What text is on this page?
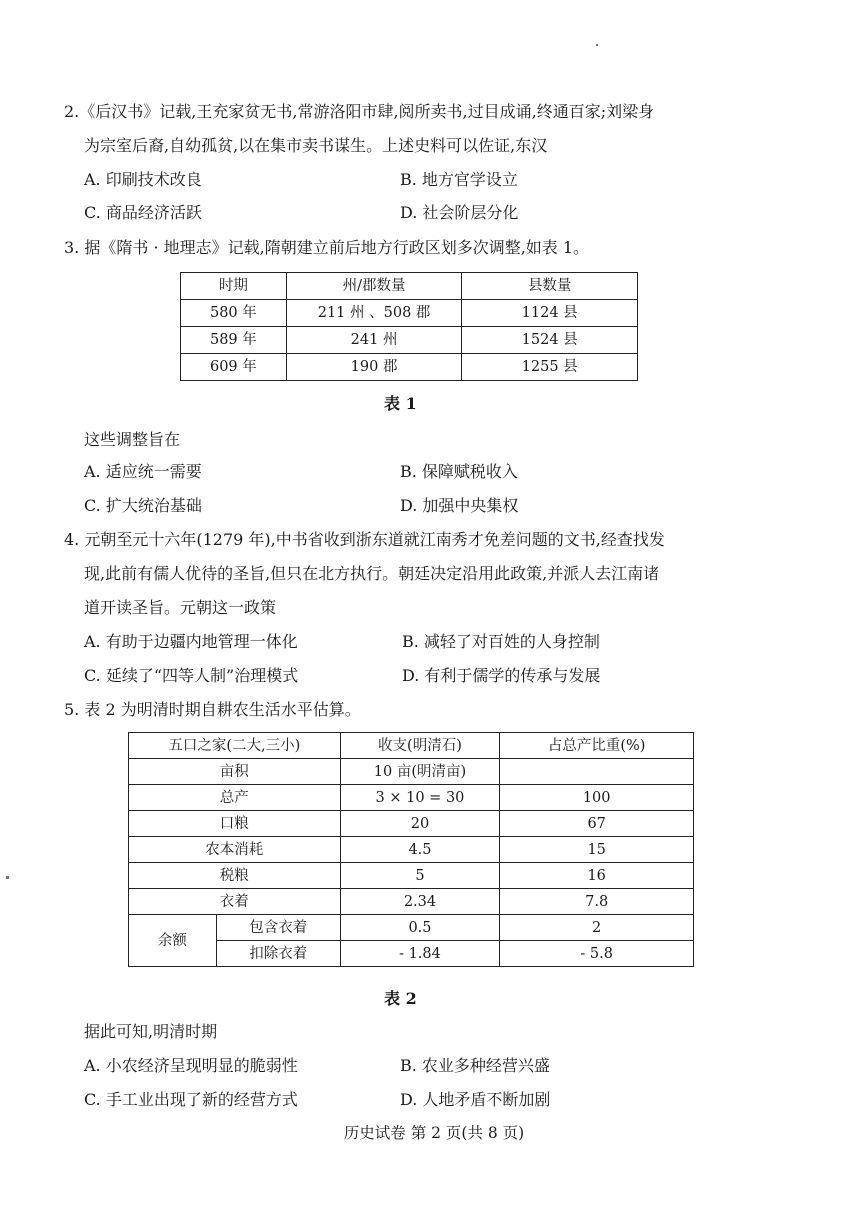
2.《后汉书》记载,王充家贫无书,常游洛阳市肆,阅所卖书,过目成诵,终通百家;刘梁身
为宗室后裔,自幼孤贫,以在集市卖书谋生。上述史料可以佐证,东汉
A. 印刷技术改良	B. 地方官学设立
C. 商品经济活跃	D. 社会阶层分化
3. 据《隋书 · 地理志》记载,隋朝建立前后地方行政区划多次调整,如表 1。
时期	州/郡数量	县数量
580 年	211 州 、508 郡	1124 县
589 年	241 州	1524 县
609 年	190 郡	1255 县
表 1
这些调整旨在
A. 适应统一需要	B. 保障赋税收入
C. 扩大统治基础	D. 加强中央集权
4. 元朝至元十六年(1279 年),中书省收到浙东道就江南秀才免差问题的文书,经查找发
现,此前有儒人优待的圣旨,但只在北方执行。朝廷决定沿用此政策,并派人去江南诸
道开读圣旨。元朝这一政策
A. 有助于边疆内地管理一体化	B. 减轻了对百姓的人身控制
C. 延续了“四等人制”治理模式	D. 有利于儒学的传承与发展
5. 表 2 为明清时期自耕农生活水平估算。
五口之家(二大,三小)		收支(明清石)	占总产比重(%)
亩积		10 亩(明清亩)	
总产		3 × 10 = 30	100
口粮		20	67
农本消耗		4.5	15
税粮		5	16
衣着		2.34	7.8
余额	包含衣着	0.5	2
	扣除衣着	- 1.84	- 5.8
表 2
据此可知,明清时期
A. 小农经济呈现明显的脆弱性	B. 农业多种经营兴盛
C. 手工业出现了新的经营方式	D. 人地矛盾不断加剧
历史试卷 第 2 页(共 8 页)
